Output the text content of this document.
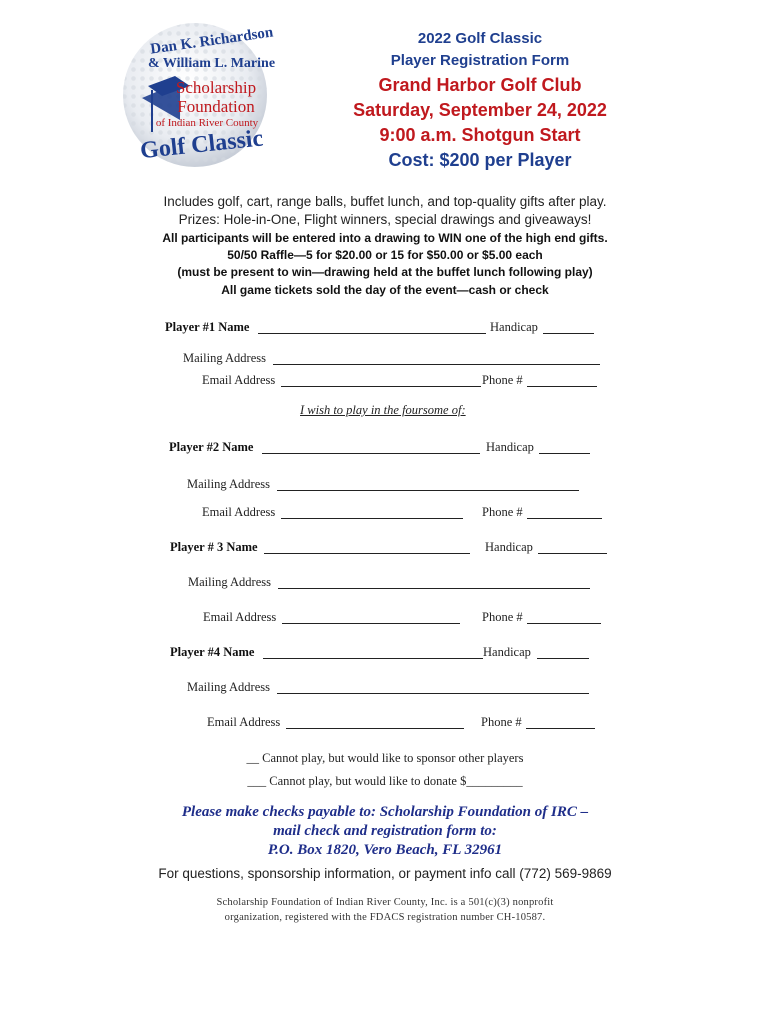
Dan K. Richardson
& William L. Marine
Scholarship
Foundation
of Indian River County
Golf Classic
2022 Golf Classic
Player Registration Form
Grand Harbor Golf Club
Saturday, September 24, 2022
9:00 a.m. Shotgun Start
Cost: $200 per Player
Includes golf, cart, range balls, buffet lunch, and top-quality gifts after play.
Prizes: Hole-in-One, Flight winners, special drawings and giveaways!
All participants will be entered into a drawing to WIN one of the high end gifts.
50/50 Raffle—5 for $20.00 or 15 for $50.00 or $5.00 each
(must be present to win—drawing held at the buffet lunch following play)
All game tickets sold the day of the event—cash or check
Player #1 Name	Handicap
Mailing Address
Email Address	Phone #
I wish to play in the foursome of:
Player #2 Name	Handicap
Mailing Address
Email Address	Phone #
Player # 3 Name	Handicap
Mailing Address
Email Address	Phone #
Player #4 Name	Handicap
Mailing Address
Email Address	Phone #
__ Cannot play, but would like to sponsor other players
___ Cannot play, but would like to donate $_________
Please make checks payable to: Scholarship Foundation of IRC –
mail check and registration form to:
P.O. Box 1820, Vero Beach, FL 32961
For questions, sponsorship information, or payment info call (772) 569-9869
Scholarship Foundation of Indian River County, Inc. is a 501(c)(3) nonprofit
organization, registered with the FDACS registration number CH-10587.
